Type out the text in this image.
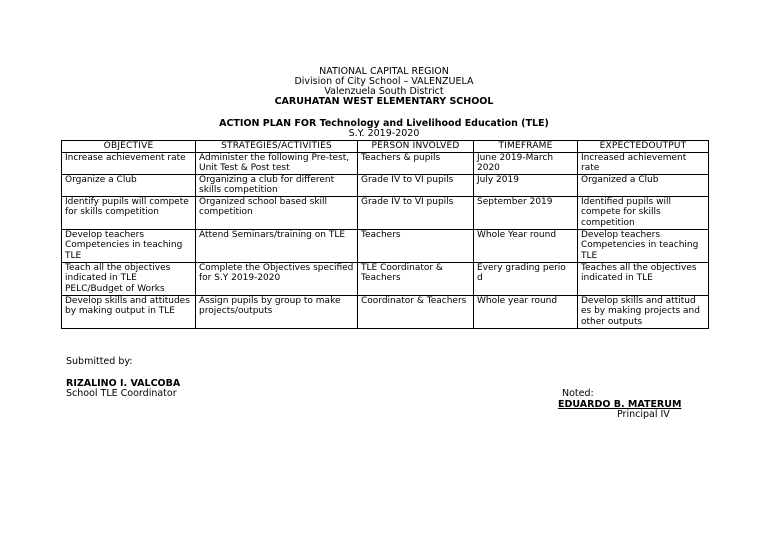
NATIONAL CAPITAL REGION
Division of City School – VALENZUELA
Valenzuela South District
CARUHATAN WEST ELEMENTARY SCHOOL
ACTION PLAN FOR Technology and Livelihood Education (TLE)
S.Y. 2019-2020
OBJECTIVE	STRATEGIES/ACTIVITIES	PERSON INVOLVED	TIMEFRAME	EXPECTEDOUTPUT
Increase achievement rate	Administer the following Pre-test, Unit Test & Post test	Teachers & pupils	June 2019-March 2020	Increased achievement rate
Organize a Club	Organizing a club for different skills competition	Grade IV to VI pupils	July 2019	Organized a Club
Identify pupils will compete for skills competition	Organized school based skill competition	Grade IV to VI pupils	September 2019	Identified pupils will compete for skills competition
Develop teachers Competencies in teaching TLE	Attend Seminars/training on TLE	Teachers	Whole Year round	Develop teachers Competencies in teaching TLE
Teach all the objectives indicated in TLE PELC/Budget of Works	Complete the Objectives specified for S.Y 2019-2020	TLE Coordinator & Teachers	Every grading perio d	Teaches all the objectives indicated in TLE
Develop skills and attitudes by making output in TLE	Assign pupils by group to make projects/outputs	Coordinator & Teachers	Whole year round	Develop skills and attitud es by making projects and other outputs
Submitted by:
RIZALINO I. VALCOBA
School TLE Coordinator	Noted:
EDUARDO B. MATERUM
Principal IV
